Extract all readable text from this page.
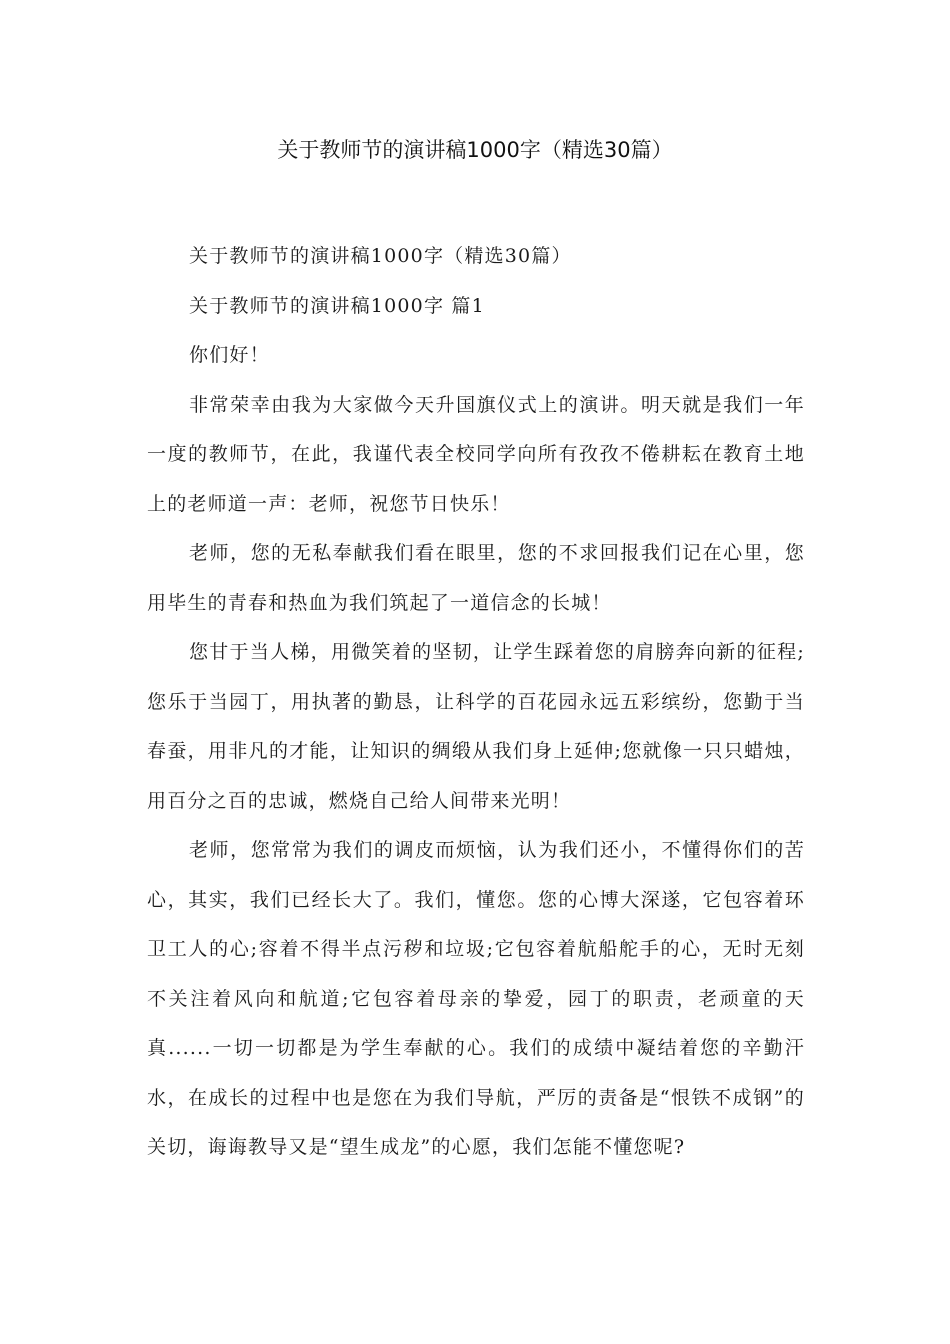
关于教师节的演讲稿1000字（精选30篇）

关于教师节的演讲稿1000字（精选30篇）

关于教师节的演讲稿1000字 篇1

你们好！

非常荣幸由我为大家做今天升国旗仪式上的演讲。明天就是我们一年一度的教师节，在此，我谨代表全校同学向所有孜孜不倦耕耘在教育土地上的老师道一声：老师，祝您节日快乐！

老师，您的无私奉献我们看在眼里，您的不求回报我们记在心里，您用毕生的青春和热血为我们筑起了一道信念的长城！

您甘于当人梯，用微笑着的坚韧，让学生踩着您的肩膀奔向新的征程;您乐于当园丁，用执著的勤恳，让科学的百花园永远五彩缤纷，您勤于当春蚕，用非凡的才能，让知识的绸缎从我们身上延伸;您就像一只只蜡烛，用百分之百的忠诚，燃烧自己给人间带来光明！

老师，您常常为我们的调皮而烦恼，认为我们还小，不懂得你们的苦心，其实，我们已经长大了。我们，懂您。您的心博大深遂，它包容着环卫工人的心;容着不得半点污秽和垃圾;它包容着航船舵手的心，无时无刻不关注着风向和航道;它包容着母亲的挚爱，园丁的职责，老顽童的天真......一切一切都是为学生奉献的心。我们的成绩中凝结着您的辛勤汗水，在成长的过程中也是您在为我们导航，严厉的责备是“恨铁不成钢”的关切，诲诲教导又是“望生成龙”的心愿，我们怎能不懂您呢?
